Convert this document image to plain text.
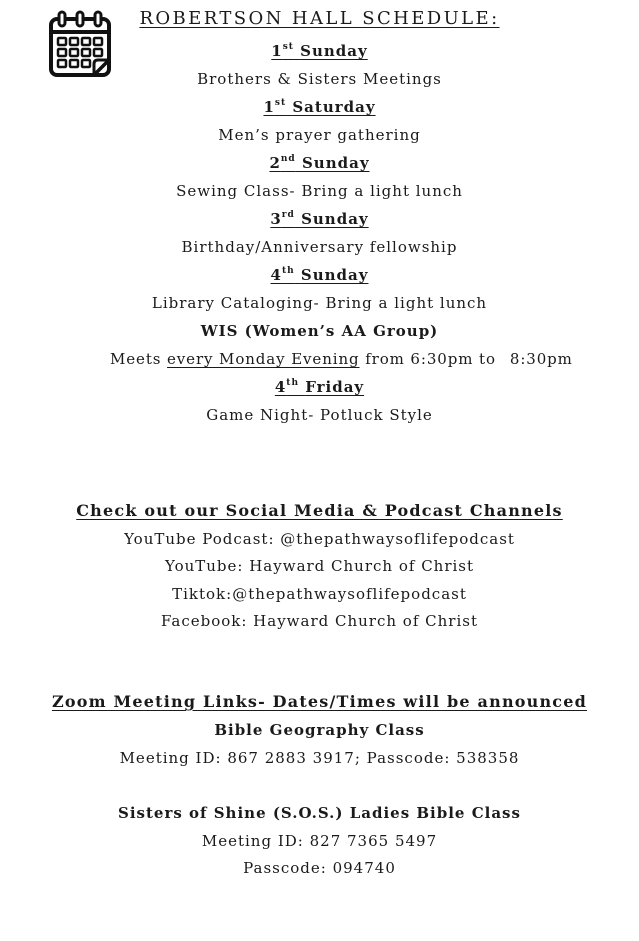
ROBERTSON HALL SCHEDULE:
1st Sunday
Brothers & Sisters Meetings
1st Saturday
Men’s prayer gathering
2nd Sunday
Sewing Class- Bring a light lunch
3rd Sunday
Birthday/Anniversary fellowship
4th Sunday
Library Cataloging- Bring a light lunch
WIS (Women’s AA Group)
Meets every Monday Evening from 6:30pm to 8:30pm
4th Friday
Game Night- Potluck Style
Check out our Social Media & Podcast Channels
YouTube Podcast: @thepathwaysoflifepodcast
YouTube: Hayward Church of Christ
Tiktok:@thepathwaysoflifepodcast
Facebook: Hayward Church of Christ
Zoom Meeting Links- Dates/Times will be announced
Bible Geography Class
Meeting ID: 867 2883 3917; Passcode: 538358
Sisters of Shine (S.O.S.) Ladies Bible Class
Meeting ID: 827 7365 5497
Passcode: 094740
